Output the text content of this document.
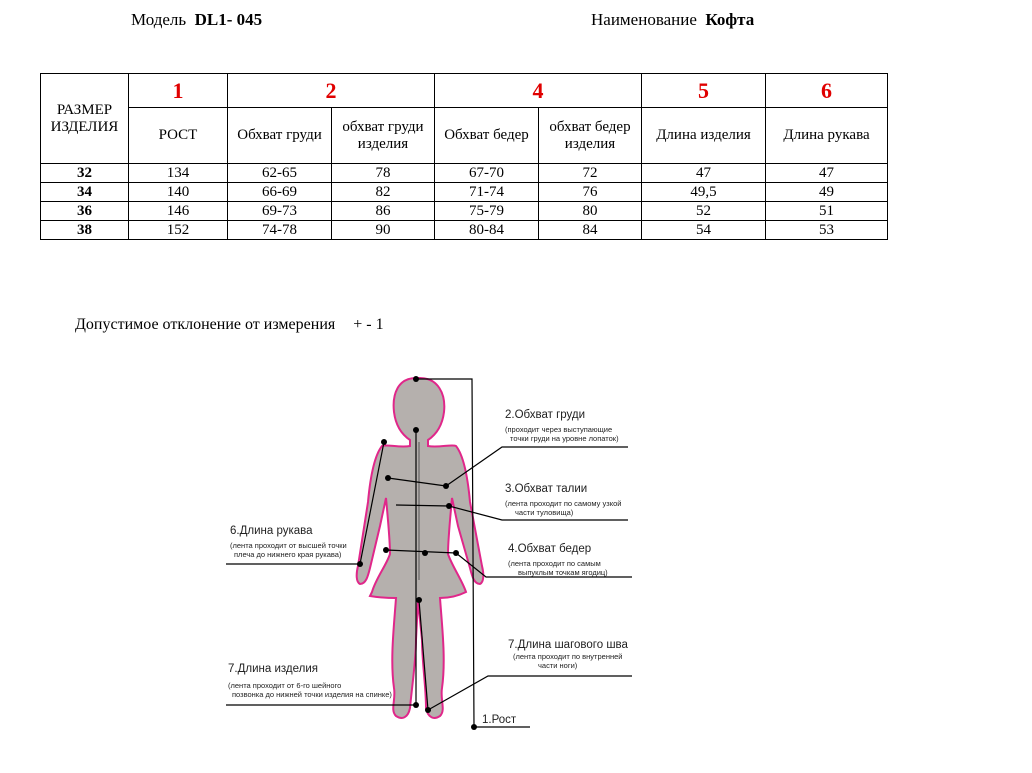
Модель DL1- 045	Наименование Кофта
РАЗМЕР ИЗДЕЛИЯ	1	2		4		5	6
	РОСТ	Обхват груди	обхват груди изделия	Обхват бедер	обхват бедер изделия	Длина изделия	Длина рукава
32	134	62-65	78	67-70	72	47	47
34	140	66-69	82	71-74	76	49,5	49
36	146	69-73	86	75-79	80	52	51
38	152	74-78	90	80-84	84	54	53
Допустимое отклонение от измерения + - 1
1.Рост
2.Обхват груди
(проходит через выступающие
точки груди на уровне лопаток)
3.Обхват талии
(лента проходит по самому узкой
части туловища)
4.Обхват бедер
(лента проходит по самым
выпуклым точкам ягодиц)
6.Длина рукава
(лента проходит от высшей точки
плеча до нижнего края рукава)
7.Длина шагового шва
(лента проходит по внутренней
части ноги)
7.Длина изделия
(лента проходит от 6-го шейного
позвонка до нижней точки изделия на спинке)
